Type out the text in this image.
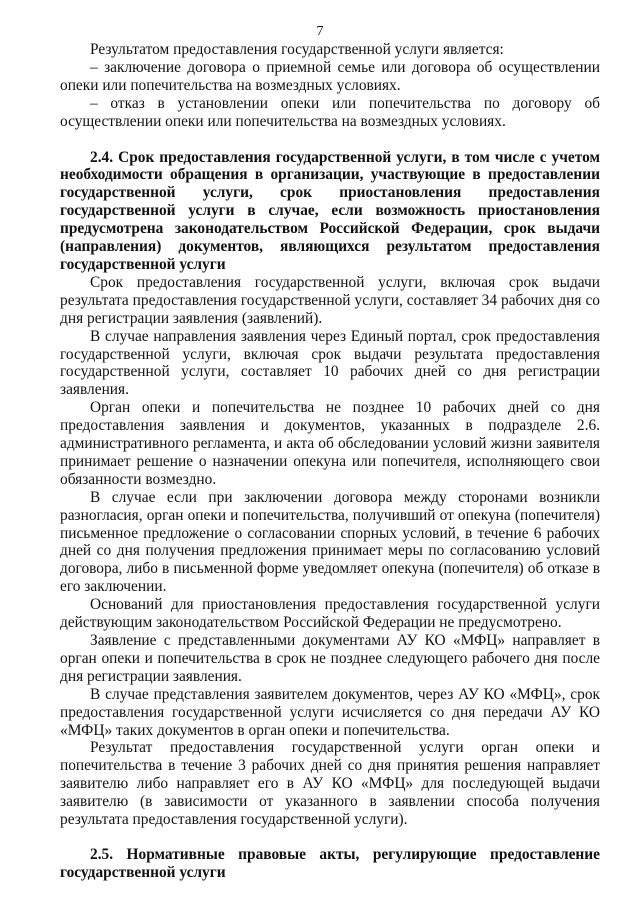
7

Результатом предоставления государственной услуги является:

– заключение договора о приемной семье или договора об осуществлении опеки или попечительства на возмездных условиях.

– отказ в установлении опеки или попечительства по договору об осуществлении опеки или попечительства на возмездных условиях.

2.4. Срок предоставления государственной услуги, в том числе с учетом необходимости обращения в организации, участвующие в предоставлении государственной услуги, срок приостановления предоставления государственной услуги в случае, если возможность приостановления предусмотрена законодательством Российской Федерации, срок выдачи (направления) документов, являющихся результатом предоставления государственной услуги

Срок предоставления государственной услуги, включая срок выдачи результата предоставления государственной услуги, составляет 34 рабочих дня со дня регистрации заявления (заявлений).

В случае направления заявления через Единый портал, срок предоставления государственной услуги, включая срок выдачи результата предоставления государственной услуги, составляет 10 рабочих дней со дня регистрации заявления.

Орган опеки и попечительства не позднее 10 рабочих дней со дня предоставления заявления и документов, указанных в подразделе 2.6. административного регламента, и акта об обследовании условий жизни заявителя принимает решение о назначении опекуна или попечителя, исполняющего свои обязанности возмездно.

В случае если при заключении договора между сторонами возникли разногласия, орган опеки и попечительства, получивший от опекуна (попечителя) письменное предложение о согласовании спорных условий, в течение 6 рабочих дней со дня получения предложения принимает меры по согласованию условий договора, либо в письменной форме уведомляет опекуна (попечителя) об отказе в его заключении.

Оснований для приостановления предоставления государственной услуги действующим законодательством Российской Федерации не предусмотрено.

Заявление с представленными документами АУ КО «МФЦ» направляет в орган опеки и попечительства в срок не позднее следующего рабочего дня после дня регистрации заявления.

В случае представления заявителем документов, через АУ КО «МФЦ», срок предоставления государственной услуги исчисляется со дня передачи АУ КО «МФЦ» таких документов в орган опеки и попечительства.

Результат предоставления государственной услуги орган опеки и попечительства в течение 3 рабочих дней со дня принятия решения направляет заявителю либо направляет его в АУ КО «МФЦ» для последующей выдачи заявителю (в зависимости от указанного в заявлении способа получения результата предоставления государственной услуги).

2.5. Нормативные правовые акты, регулирующие предоставление государственной услуги
